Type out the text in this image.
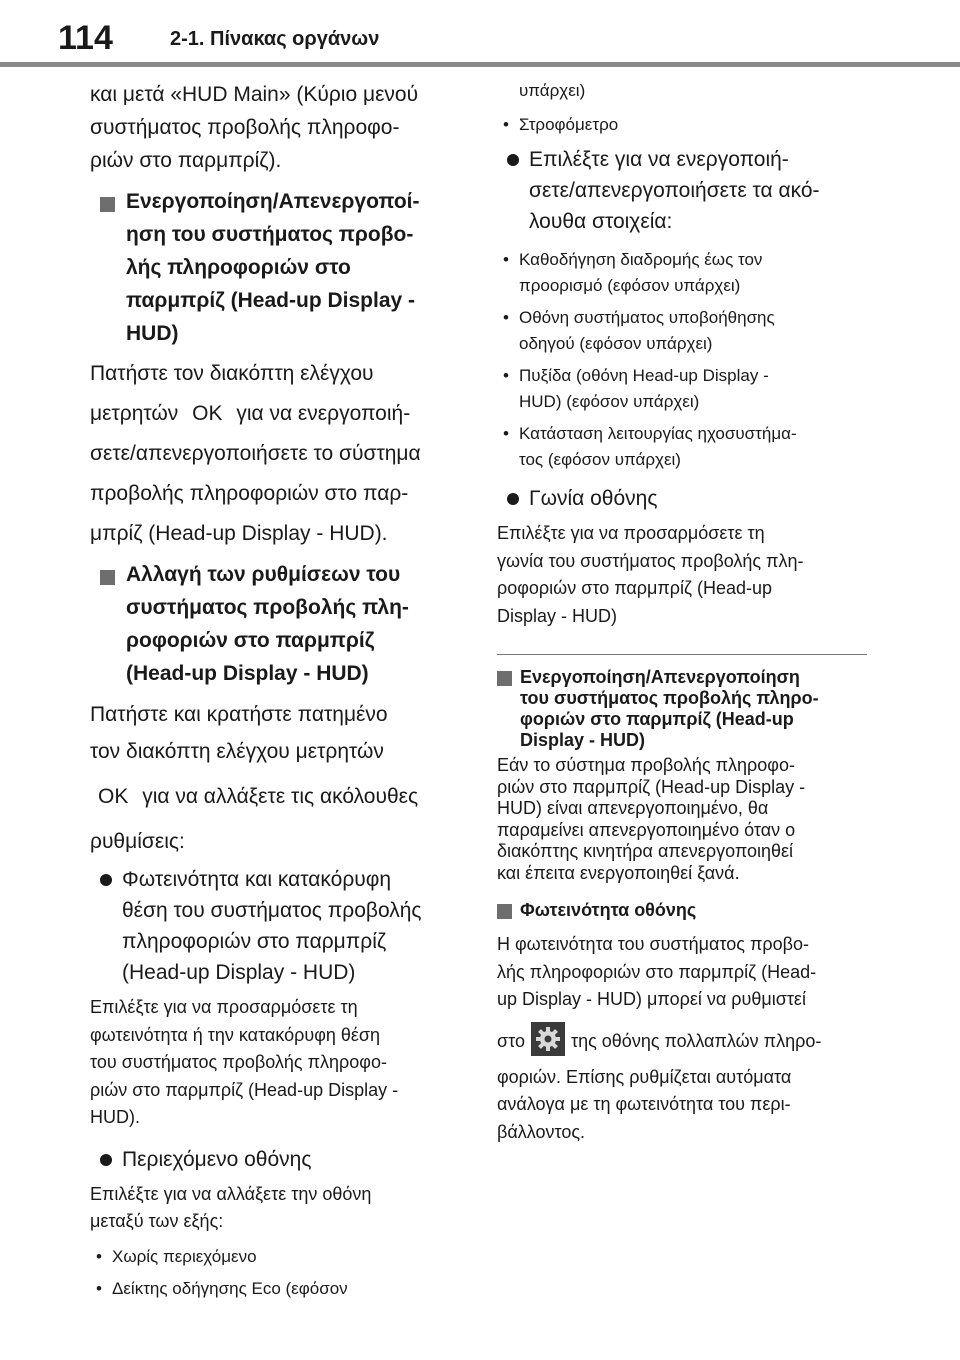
114	2-1. Πίνακας οργάνων

και μετά «HUD Main» (Κύριο μενού

συστήματος προβολής πληροφο-

ριών στο παρμπρίζ).

Ενεργοποίηση/Απενεργοποί-
ηση του συστήματος προβο-
λής πληροφοριών στο
παρμπρίζ (Head-up Display -
HUD)

Πατήστε τον διακόπτη ελέγχου

μετρητών OK για να ενεργοποιή-

σετε/απενεργοποιήσετε το σύστημα

προβολής πληροφοριών στο παρ-

μπρίζ (Head-up Display - HUD).

Αλλαγή των ρυθμίσεων του
συστήματος προβολής πλη-
ροφοριών στο παρμπρίζ
(Head-up Display - HUD)

Πατήστε και κρατήστε πατημένο

τον διακόπτη ελέγχου μετρητών

OK για να αλλάξετε τις ακόλουθες

ρυθμίσεις:

Φωτεινότητα και κατακόρυφη
θέση του συστήματος προβολής
πληροφοριών στο παρμπρίζ
(Head-up Display - HUD)

Επιλέξτε για να προσαρμόσετε τη

φωτεινότητα ή την κατακόρυφη θέση

του συστήματος προβολής πληροφο-

ριών στο παρμπρίζ (Head-up Display -

HUD).

Περιεχόμενο οθόνης

Επιλέξτε για να αλλάξετε την οθόνη

μεταξύ των εξής:

• Χωρίς περιεχόμενο
• Δείκτης οδήγησης Eco (εφόσον
υπάρχει)
• Στροφόμετρο
Επιλέξτε για να ενεργοποιή-
σετε/απενεργοποιήσετε τα ακό-
λουθα στοιχεία:
• Καθοδήγηση διαδρομής έως τον
προορισμό (εφόσον υπάρχει)
• Οθόνη συστήματος υποβοήθησης
οδηγού (εφόσον υπάρχει)
• Πυξίδα (οθόνη Head-up Display -
HUD) (εφόσον υπάρχει)
• Κατάσταση λειτουργίας ηχοσυστήμα-
τος (εφόσον υπάρχει)
Γωνία οθόνης

Επιλέξτε για να προσαρμόσετε τη

γωνία του συστήματος προβολής πλη-

ροφοριών στο παρμπρίζ (Head-up

Display - HUD)

Ενεργοποίηση/Απενεργοποίηση
του συστήματος προβολής πληρο-
φοριών στο παρμπρίζ (Head-up
Display - HUD)

Εάν το σύστημα προβολής πληροφο-

ριών στο παρμπρίζ (Head-up Display -

HUD) είναι απενεργοποιημένο, θα

παραμείνει απενεργοποιημένο όταν ο

διακόπτης κινητήρα απενεργοποιηθεί

και έπειτα ενεργοποιηθεί ξανά.

Φωτεινότητα οθόνης

Η φωτεινότητα του συστήματος προβο-

λής πληροφοριών στο παρμπρίζ (Head-

up Display - HUD) μπορεί να ρυθμιστεί

στο	της οθόνης πολλαπλών πληρο-

φοριών. Επίσης ρυθμίζεται αυτόματα

ανάλογα με τη φωτεινότητα του περι-

βάλλοντος.
